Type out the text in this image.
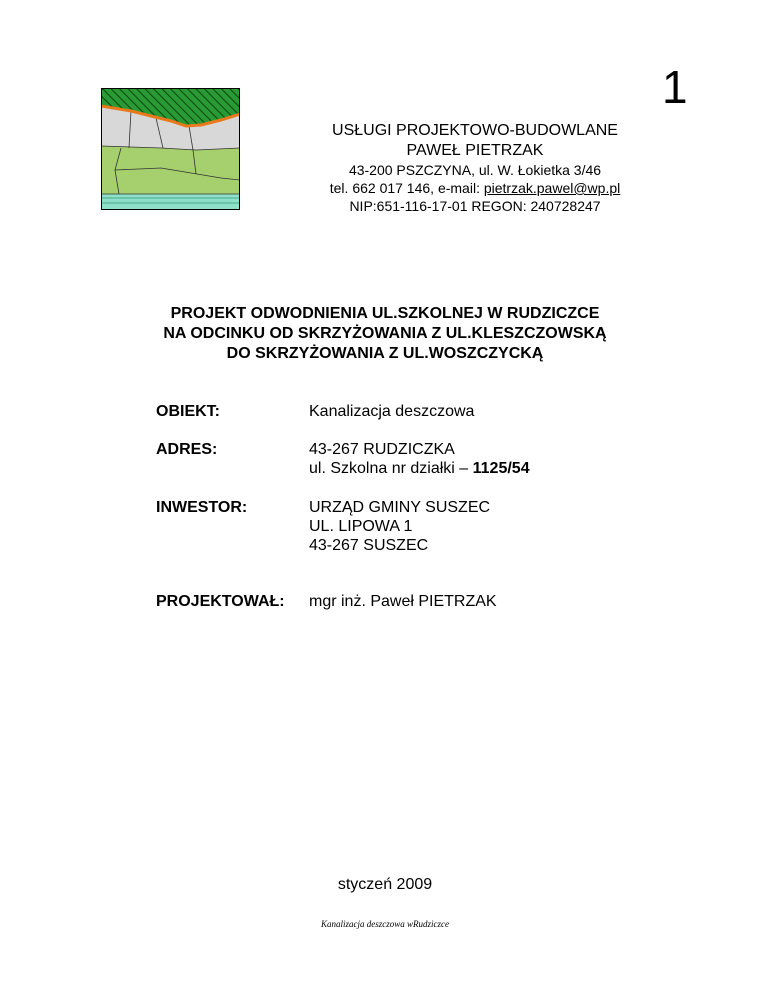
1
USŁUGI PROJEKTOWO-BUDOWLANE
PAWEŁ PIETRZAK
43-200 PSZCZYNA, ul. W. Łokietka 3/46
tel. 662 017 146, e-mail: pietrzak.pawel@wp.pl
NIP:651-116-17-01 REGON: 240728247
PROJEKT ODWODNIENIA UL.SZKOLNEJ W RUDZICZCE
NA ODCINKU OD SKRZYŻOWANIA Z UL.KLESZCZOWSKĄ
DO SKRZYŻOWANIA Z UL.WOSZCZYCKĄ
OBIEKT:	Kanalizacja deszczowa
ADRES:	43-267 RUDZICZKA
ul. Szkolna nr działki – 1125/54
INWESTOR:	URZĄD GMINY SUSZEC
UL. LIPOWA 1
43-267 SUSZEC
PROJEKTOWAŁ:	mgr inż. Paweł PIETRZAK
styczeń 2009
Kanalizacja deszczowa wRudziczce
